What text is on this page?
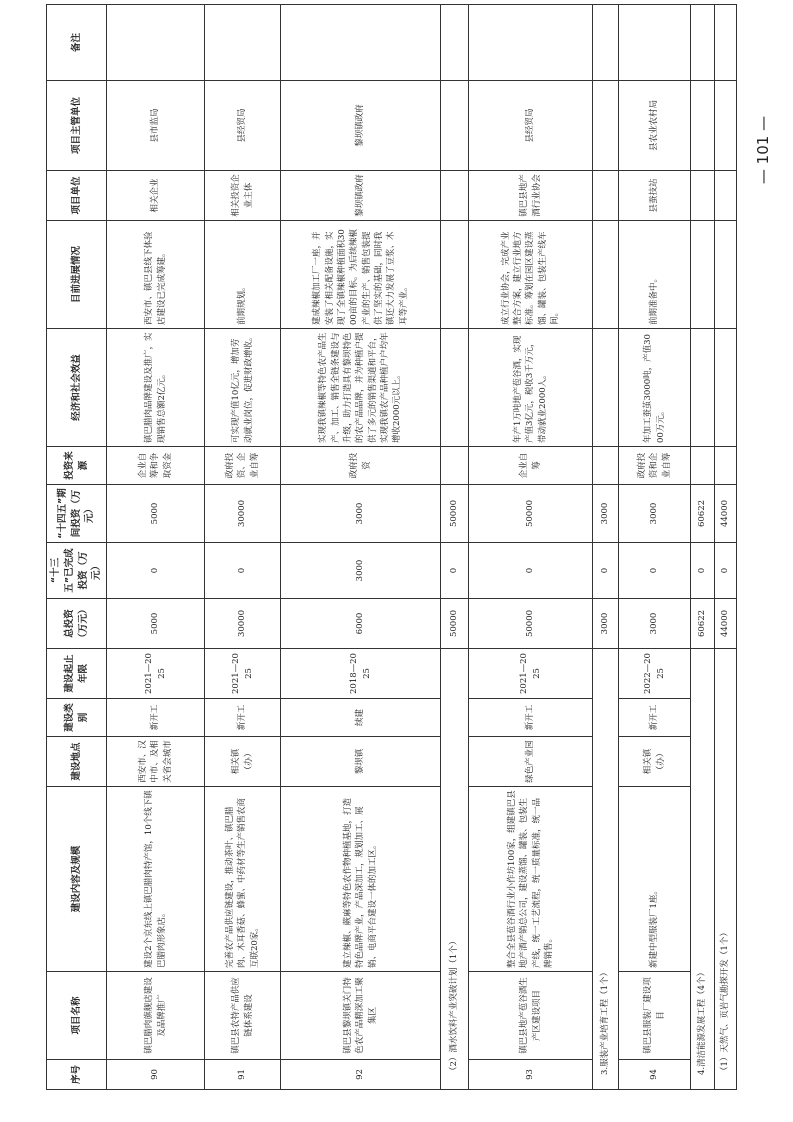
— 101 —
序号	项目名称	建设内容及规模	建设地点	建设类别	建设起止年限	总投资（万元）	“十三五”已完成投资（万元）	“十四五”期间投资（万元）	投资来源	经济和社会效益	目前进展情况	项目单位	项目主管单位	备注
90	镇巴腊肉旗舰店建设及品牌推广	建设2个京东线上镇巴腊肉特产馆，10个线下镇巴腊肉形象店。	西安市、汉中市、及相关省会城市	新开工	2021—2025	5000	0	5000	企业自筹和争取资金	镇巴腊肉品牌建设及推广，实现销售总额2亿元。	西安市、镇巴县线下体验店建设已完成筹建。	相关企业	县市监局	
91	镇巴县农特产品供应链体系建设	完善农产品供应链建设，推动茶叶、镇巴腊肉、木耳香菇、蜂蜜、中药材等生产销售农商互联20家。	相关镇（办）	新开工	2021—2025	30000	0	30000	政府投资、企业自筹	可实现产值10亿元，增加劳动就业岗位，促进财政增收。	前期规划。	相关投资企业主体	县经贸局	
92	镇巴县黎坝镇关门特色农产品精深加工聚集区	建立辣椒、蕨麻等特色农作物种植基地，打造特色品牌产业，产品深加工，规划加工、展销、电商平台建设一体的加工区。	黎坝镇	续建	2018—2025	6000	3000	3000	政府投资	实现我镇辣椒等特色农产品生产、加工、销售全链条建设与升级，助力打造具有黎坝特色的农产品品牌，并为种植户提供了多元的销售渠道和平台，实现我镇农产品种植户户均年增收2000元以上。	建成辣椒加工厂一座，并安装了相关配备设施，实现了全镇辣椒种植面积3000亩的目标。为后续辣椒产业的生产、销售包装提供了坚实的基础，同时我镇还大力发展了豆浆、木耳等产业。	黎坝镇政府	黎坝镇政府	
（2）酒水饮料产业突破计划（1个）						50000	0	50000						
93	镇巴县地产苞谷酒生产区建设项目	整合全县苞谷酒行业小作坊100家，组建镇巴县地产酒产销总公司，建设蒸馏、罐装、包装生产线，统一工艺流程，统一质量标准，统一品牌销售。	绿色产业园	新开工	2021—2025	50000	0	50000	企业自筹	年产1万吨地产苞谷酒，实现产值3亿元，税收3千万元，带动就业2000人。	成立行业协会，完成产业整合方案，建立行业地方标准。筹划在园区建设蒸馏、罐装、包装生产线车间。	镇巴县地产酒行业协会	县经贸局	
3.服装产业培育工程（1个）						3000	0	3000						
94	镇巴县服装厂建设项目	新建中型服装厂1座。	相关镇（办）	新开工	2022—2025	3000	0	3000	政府投资和企业自筹	年加工蚕茧3000吨，产值3000万元。	前期准备中。	县蚕技站	县农业农村局	
4.清洁能源发展工程（4个）						60622	0	60622						
（1）天然气、页岩气勘探开发（1个）						44000	0	44000						
